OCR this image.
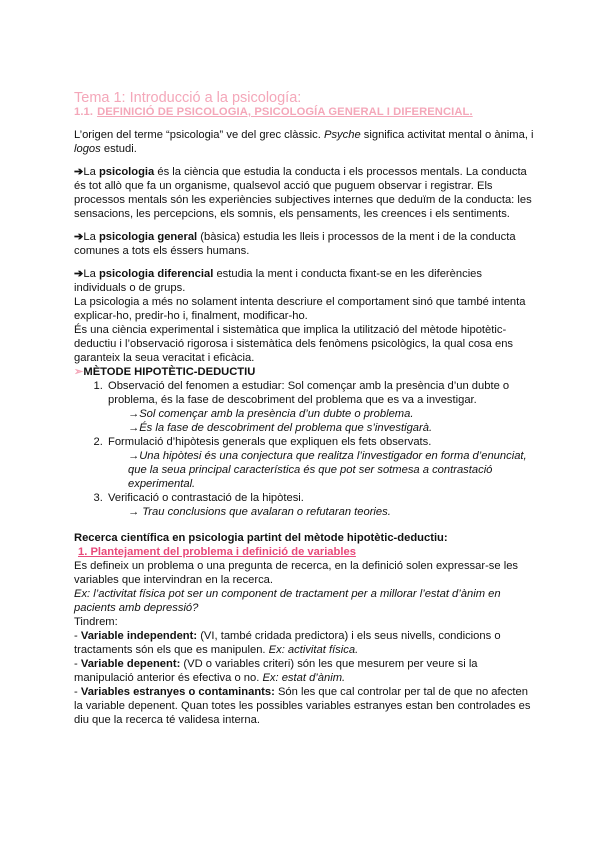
Tema 1: Introducció a la psicología:
1.1. DEFINICIÓ DE PSICOLOGIA, PSICOLOGÍA GENERAL I DIFERENCIAL.

L’origen del terme “psicologia” ve del grec clàssic. Psyche significa activitat mental o ànima, i logos estudi.

➔La psicologia és la ciència que estudia la conducta i els processos mentals. La conducta és tot allò que fa un organisme, qualsevol acció que puguem observar i registrar. Els processos mentals són les experiències subjectives internes que deduïm de la conducta: les sensacions, les percepcions, els somnis, els pensaments, les creences i els sentiments.

➔La psicologia general (bàsica) estudia les lleis i processos de la ment i de la conducta comunes a tots els éssers humans.

➔La psicologia diferencial estudia la ment i conducta fixant-se en les diferències individuals o de grups.

La psicologia a més no solament intenta descriure el comportament sinó que també intenta explicar-ho, predir-ho i, finalment, modificar-ho.

És una ciència experimental i sistemàtica que implica la utilització del mètode hipotètic-deductiu i l’observació rigorosa i sistemàtica dels fenòmens psicològics, la qual cosa ens garanteix la seua veracitat i eficàcia.

➢MÈTODE HIPOTÈTIC-DEDUCTIU
1. Observació del fenomen a estudiar: Sol començar amb la presència d’un dubte o problema, és la fase de descobriment del problema que es va a investigar.
→Sol començar amb la presència d’un dubte o problema.
→És la fase de descobriment del problema que s’investigarà.
2. Formulació d’hipòtesis generals que expliquen els fets observats.
→Una hipòtesi és una conjectura que realitza l’investigador en forma d’enunciat, que la seua principal característica és que pot ser sotmesa a contrastació experimental.
3. Verificació o contrastació de la hipòtesi.
→ Trau conclusions que avalaran o refutaran teories.
Recerca científica en psicologia partint del mètode hipotètic-deductiu:
1. Plantejament del problema i definició de variables

Es defineix un problema o una pregunta de recerca, en la definició solen expressar-se les variables que intervindran en la recerca.

Ex: l’activitat física pot ser un component de tractament per a millorar l’estat d’ànim en pacients amb depressió?

Tindrem:

- Variable independent: (VI, també cridada predictora) i els seus nivells, condicions o tractaments són els que es manipulen. Ex: activitat física.

- Variable depenent: (VD o variables criteri) són les que mesurem per veure si la manipulació anterior és efectiva o no. Ex: estat d’ànim.

- Variables estranyes o contaminants: Són les que cal controlar per tal de que no afecten la variable depenent. Quan totes les possibles variables estranyes estan ben controlades es diu que la recerca té validesa interna.
